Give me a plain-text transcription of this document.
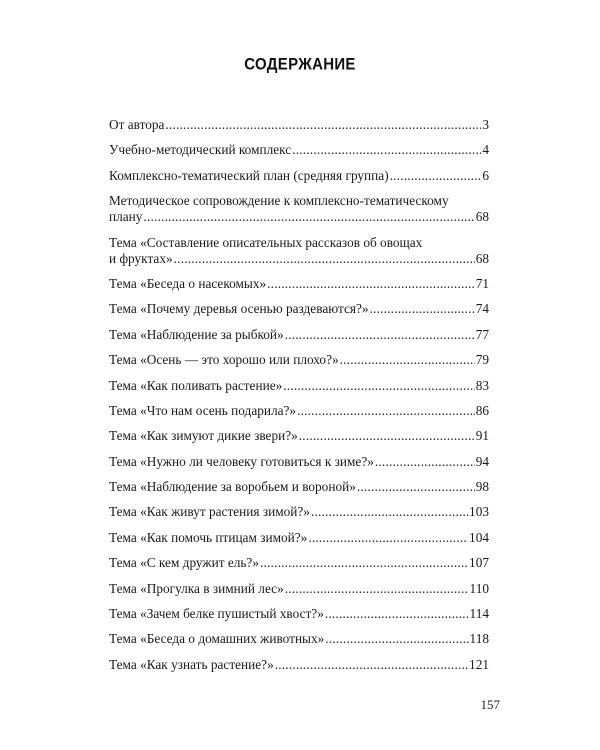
СОДЕРЖАНИЕ
От автора .....	3
Учебно-методический комплекс .....	4
Комплексно-тематический план (средняя группа) .....	6
Методическое сопровождение к комплексно-тематическому
плану .....	68
Тема «Составление описательных рассказов об овощах
и фруктах» .....	68
Тема «Беседа о насекомых» .....	71
Тема «Почему деревья осенью раздеваются?» .....	74
Тема «Наблюдение за рыбкой» .....	77
Тема «Осень — это хорошо или плохо?» .....	79
Тема «Как поливать растение» .....	83
Тема «Что нам осень подарила?» .....	86
Тема «Как зимуют дикие звери?» .....	91
Тема «Нужно ли человеку готовиться к зиме?» .....	94
Тема «Наблюдение за воробьем и вороной» .....	98
Тема «Как живут растения зимой?» .....	103
Тема «Как помочь птицам зимой?» .....	104
Тема «С кем дружит ель?» .....	107
Тема «Прогулка в зимний лес» .....	110
Тема «Зачем белке пушистый хвост?» .....	114
Тема «Беседа о домашних животных» .....	118
Тема «Как узнать растение?» .....	121
157
